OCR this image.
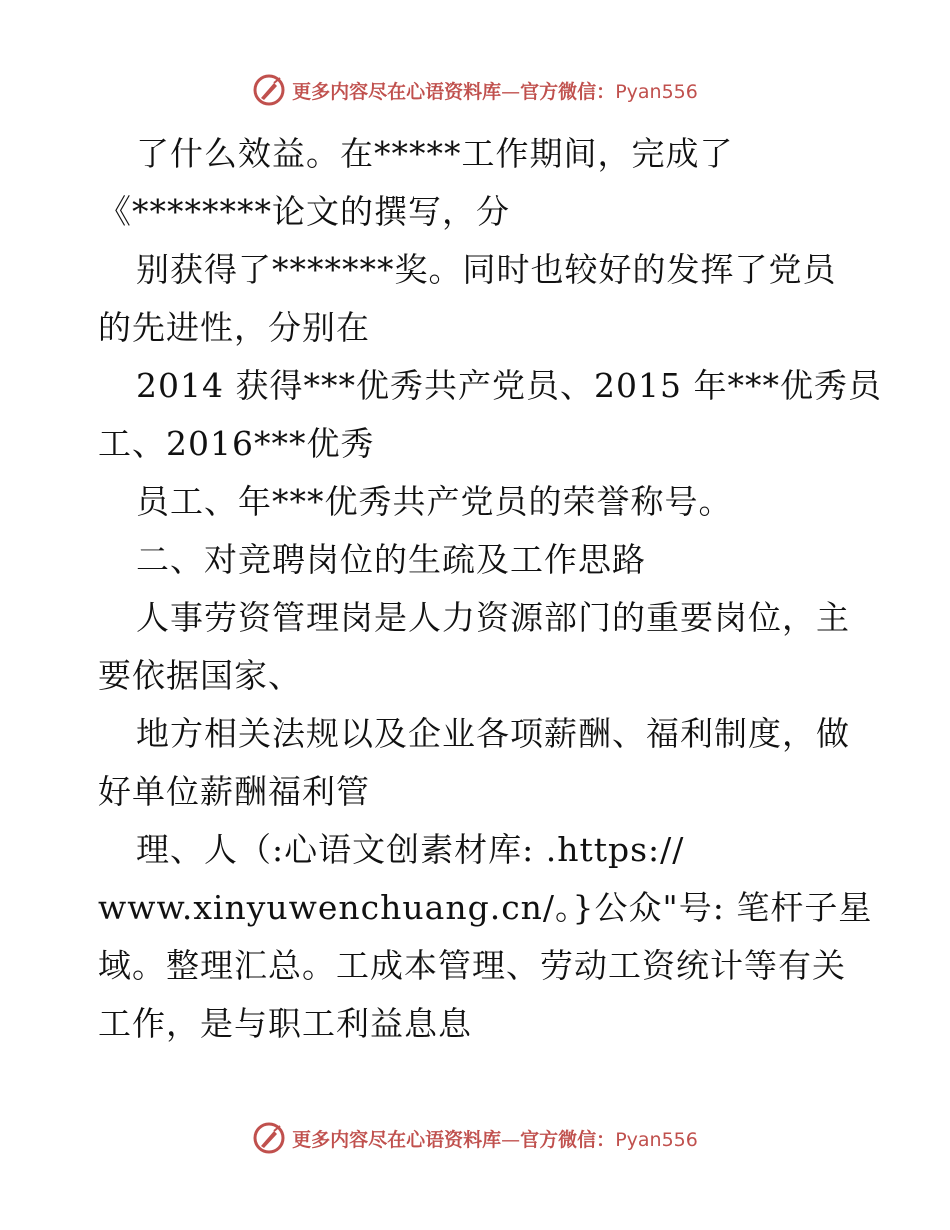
更多内容尽在心语资料库—官方微信：Pyan556
了什么效益。在*****工作期间，完成了
《********论文的撰写，分
别获得了*******奖。同时也较好的发挥了党员
的先进性，分别在
2014 获得***优秀共产党员、2015 年***优秀员
工、2016***优秀
员工、年***优秀共产党员的荣誉称号。
二、对竞聘岗位的生疏及工作思路
人事劳资管理岗是人力资源部门的重要岗位，主
要依据国家、
地方相关法规以及企业各项薪酬、福利制度，做
好单位薪酬福利管
理、人（:心语文创素材库: .https://
www.xinyuwenchuang.cn/。}公众"号: 笔杆子星
域。整理汇总。工成本管理、劳动工资统计等有关
工作，是与职工利益息息
更多内容尽在心语资料库—官方微信：Pyan556
